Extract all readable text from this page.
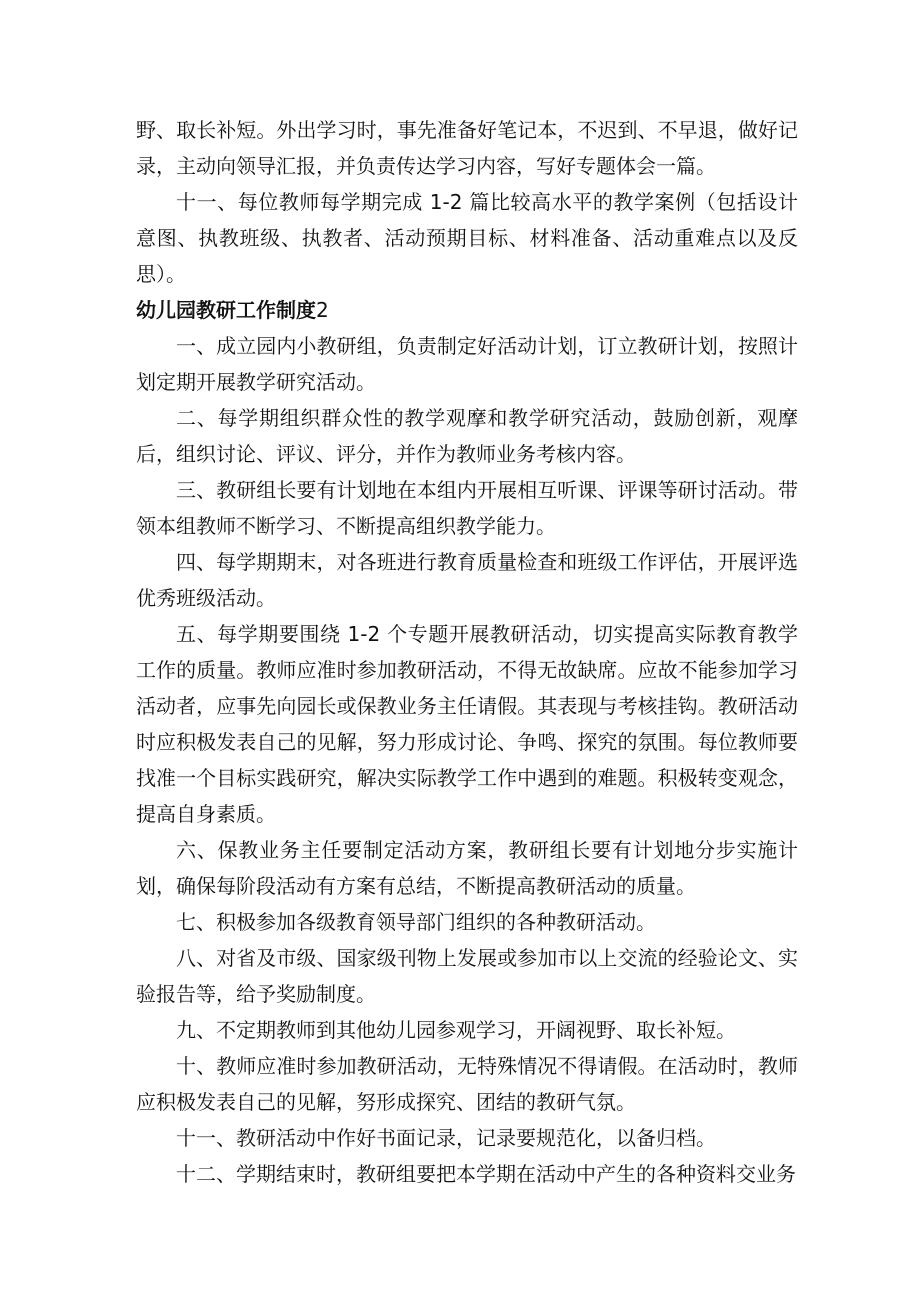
野、取长补短。外出学习时，事先准备好笔记本，不迟到、不早退，做好记录，主动向领导汇报，并负责传达学习内容，写好专题体会一篇。

十一、每位教师每学期完成 1-2 篇比较高水平的教学案例（包括设计意图、执教班级、执教者、活动预期目标、材料准备、活动重难点以及反思）。

幼儿园教研工作制度2

一、成立园内小教研组，负责制定好活动计划，订立教研计划，按照计划定期开展教学研究活动。

二、每学期组织群众性的教学观摩和教学研究活动，鼓励创新，观摩后，组织讨论、评议、评分，并作为教师业务考核内容。

三、教研组长要有计划地在本组内开展相互听课、评课等研讨活动。带领本组教师不断学习、不断提高组织教学能力。

四、每学期期末，对各班进行教育质量检查和班级工作评估，开展评选优秀班级活动。

五、每学期要围绕 1-2 个专题开展教研活动，切实提高实际教育教学工作的质量。教师应准时参加教研活动，不得无故缺席。应故不能参加学习活动者，应事先向园长或保教业务主任请假。其表现与考核挂钩。教研活动时应积极发表自己的见解，努力形成讨论、争鸣、探究的氛围。每位教师要找准一个目标实践研究，解决实际教学工作中遇到的难题。积极转变观念，提高自身素质。

六、保教业务主任要制定活动方案，教研组长要有计划地分步实施计划，确保每阶段活动有方案有总结，不断提高教研活动的质量。

七、积极参加各级教育领导部门组织的各种教研活动。

八、对省及市级、国家级刊物上发展或参加市以上交流的经验论文、实验报告等，给予奖励制度。

九、不定期教师到其他幼儿园参观学习，开阔视野、取长补短。

十、教师应准时参加教研活动，无特殊情况不得请假。在活动时，教师应积极发表自己的见解，努形成探究、团结的教研气氛。

十一、教研活动中作好书面记录，记录要规范化，以备归档。

十二、学期结束时，教研组要把本学期在活动中产生的各种资料交业务
